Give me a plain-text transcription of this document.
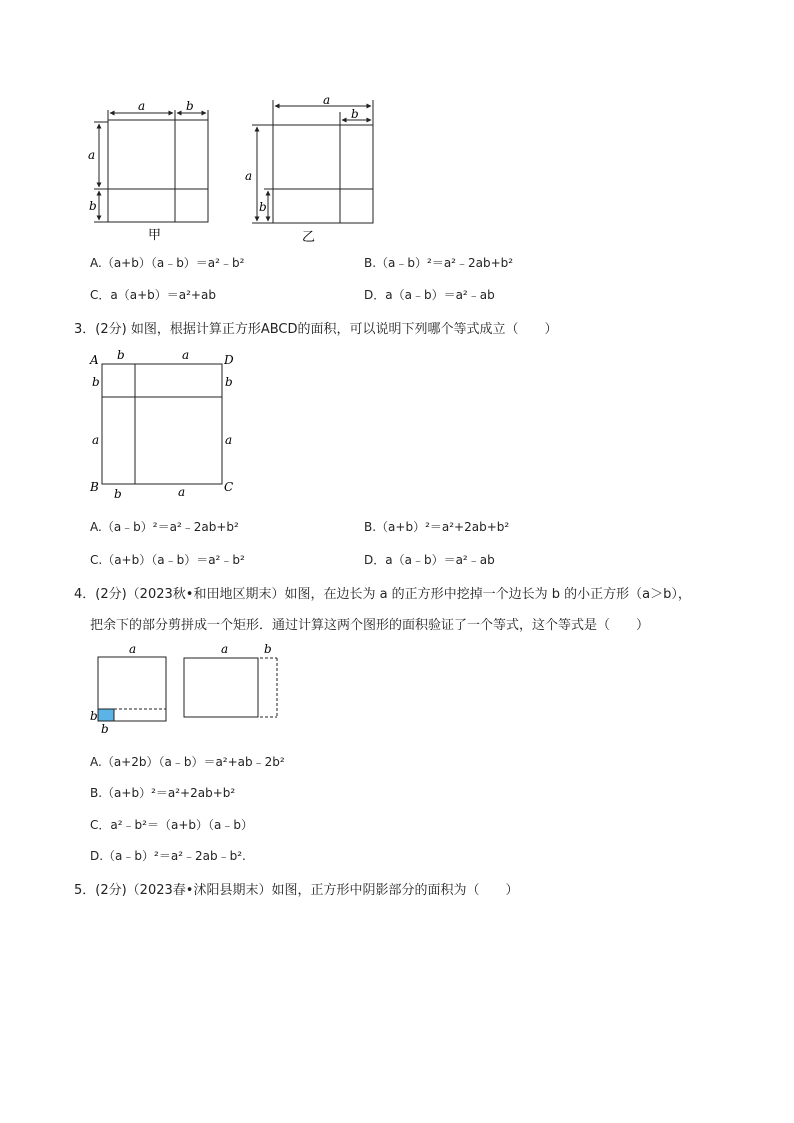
a	b
a
b
甲
a
b
a
b
乙
A.（a+b）（a﹣b）＝a²﹣b²	B.（a﹣b）²＝a²﹣2ab+b²
C．a（a+b）＝a²+ab	D．a（a﹣b）＝a²﹣ab
3．(2分) 如图，根据计算正方形ABCD的面积，可以说明下列哪个等式成立（　　）
A	D
B	C
b	a
b
a
b
a
b	a
A.（a﹣b）²＝a²﹣2ab+b²	B.（a+b）²＝a²+2ab+b²
C.（a+b）（a﹣b）＝a²﹣b²	D．a（a﹣b）＝a²﹣ab
4．(2分)（2023秋•和田地区期末）如图，在边长为 a 的正方形中挖掉一个边长为 b 的小正方形（a＞b），
把余下的部分剪拼成一个矩形．通过计算这两个图形的面积验证了一个等式，这个等式是（　　）
a
b
b
a	b
A.（a+2b）（a﹣b）＝a²+ab﹣2b²
B.（a+b）²＝a²+2ab+b²
C．a²﹣b²＝（a+b）（a﹣b）
D.（a﹣b）²＝a²﹣2ab﹣b².
5．(2分)（2023春•沭阳县期末）如图，正方形中阴影部分的面积为（　　）
